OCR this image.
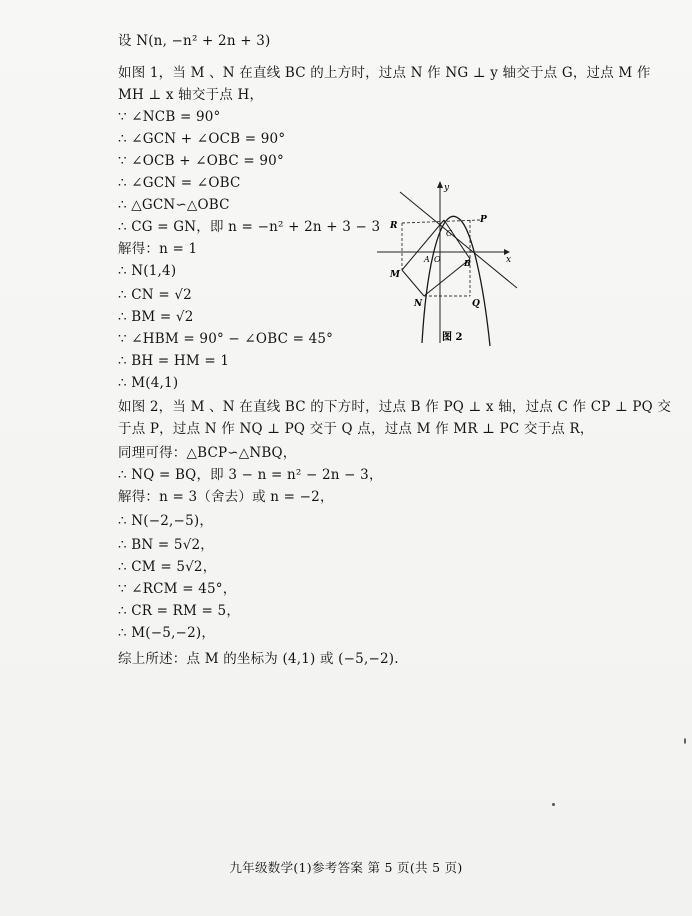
设 N(n, −n² + 2n + 3)
如图 1，当 M 、N 在直线 BC 的上方时，过点 N 作 NG ⊥ y 轴交于点 G，过点 M 作
MH ⊥ x 轴交于点 H，
∵ ∠NCB = 90°
∴ ∠GCN + ∠OCB = 90°
∵ ∠OCB + ∠OBC = 90°
∴ ∠GCN = ∠OBC
∴ △GCN∽△OBC
∴ CG = GN，即 n = −n² + 2n + 3 − 3
解得：n = 1
∴ N(1,4)
∴ CN = √2
∴ BM = √2
∵ ∠HBM = 90° − ∠OBC = 45°
∴ BH = HM = 1
∴ M(4,1)
如图 2，当 M 、N 在直线 BC 的下方时，过点 B 作 PQ ⊥ x 轴，过点 C 作 CP ⊥ PQ 交
于点 P，过点 N 作 NQ ⊥ PQ 交于 Q 点，过点 M 作 MR ⊥ PC 交于点 R，
同理可得：△BCP∽△NBQ，
∴ NQ = BQ，即 3 − n = n² − 2n − 3，
解得：n = 3（舍去）或 n = −2，
∴ N(−2,−5)，
∴ BN = 5√2，
∴ CM = 5√2，
∵ ∠RCM = 45°，
∴ CR = RM = 5，
∴ M(−5,−2)，
综上所述：点 M 的坐标为 (4,1) 或 (−5,−2).
x
y
R
P
C
A O	B
M
N	Q
图 2
九年级数学(1)参考答案 第 5 页(共 5 页)
